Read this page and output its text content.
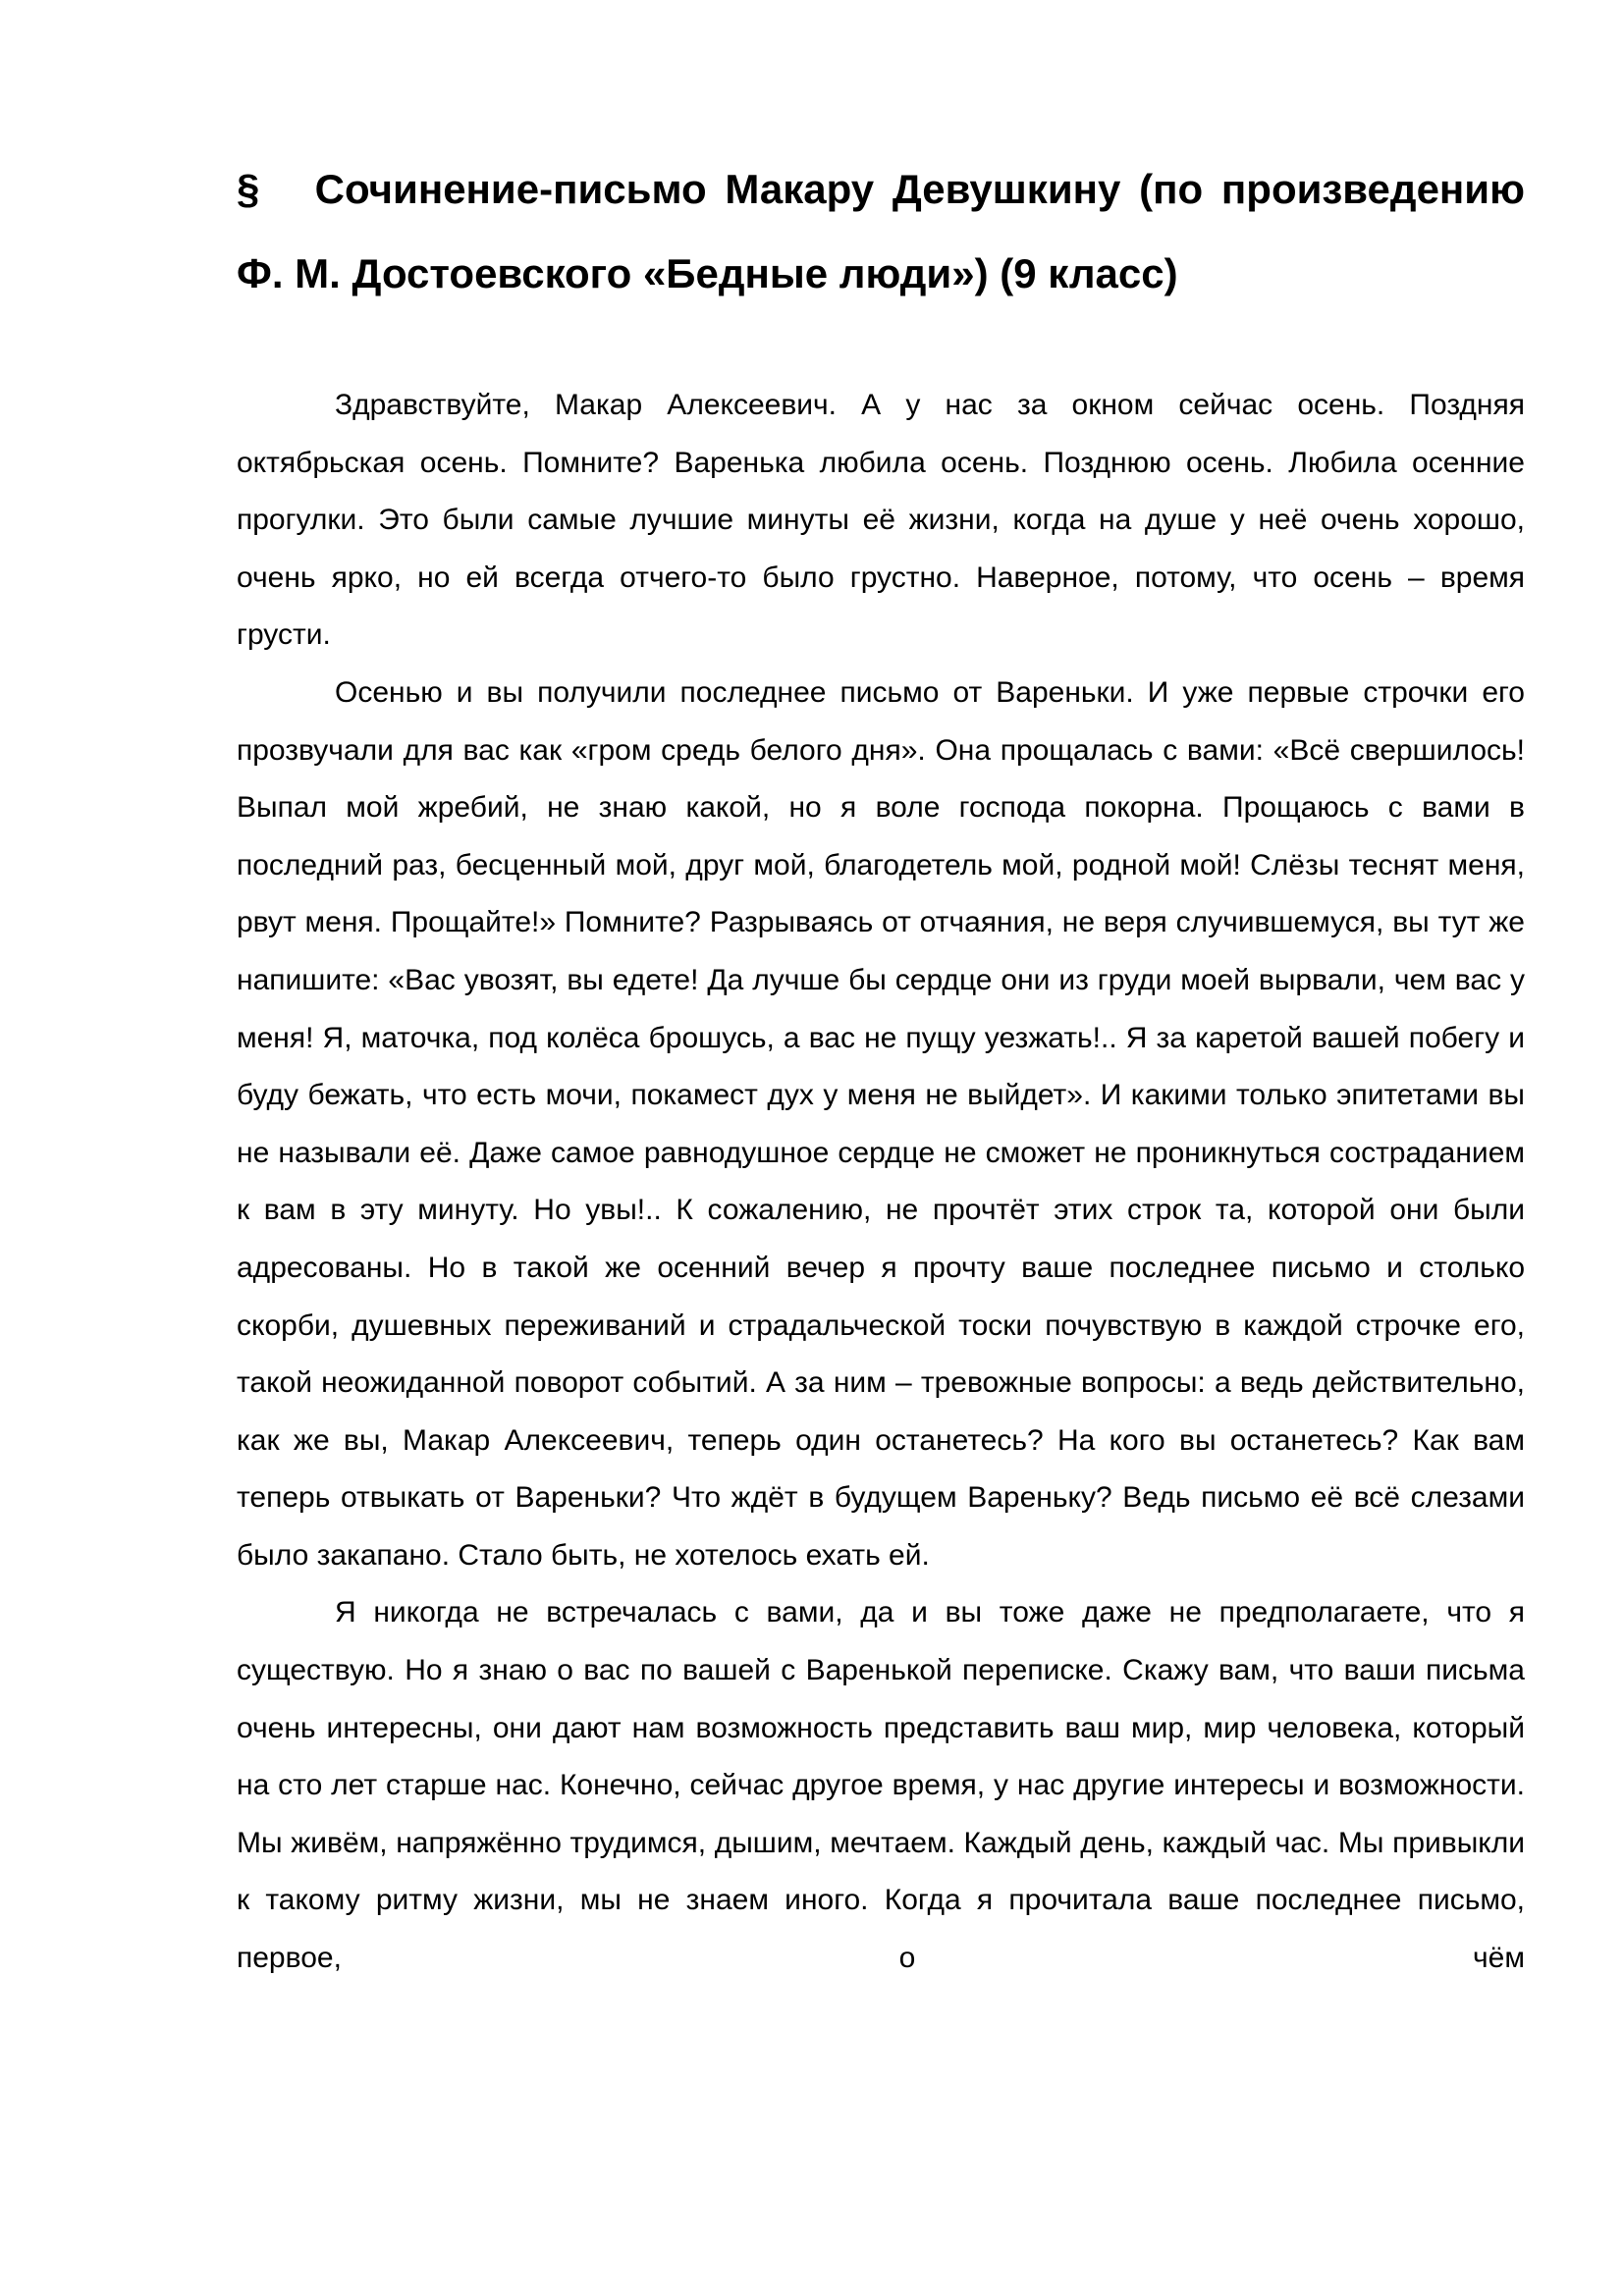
§   Сочинение-письмо Макару Девушкину (по произведению Ф. М. Достоевского «Бедные люди») (9 класс)

Здравствуйте, Макар Алексеевич. А у нас за окном сейчас осень. Поздняя октябрьская осень. Помните? Варенька любила осень. Позднюю осень. Любила осенние прогулки. Это были самые лучшие минуты её жизни, когда на душе у неё очень хорошо, очень ярко, но ей всегда отчего-то было грустно. Наверное, потому, что осень – время грусти.

Осенью и вы получили последнее письмо от Вареньки. И уже первые строчки его прозвучали для вас как «гром средь белого дня». Она прощалась с вами: «Всё свершилось! Выпал мой жребий, не знаю какой, но я воле господа покорна. Прощаюсь с вами в последний раз, бесценный мой, друг мой, благодетель мой, родной мой! Слёзы теснят меня, рвут меня. Прощайте!» Помните? Разрываясь от отчаяния, не веря случившемуся, вы тут же напишите: «Вас увозят, вы едете! Да лучше бы сердце они из груди моей вырвали, чем вас у меня! Я, маточка, под колёса брошусь, а вас не пущу уезжать!.. Я за каретой вашей побегу и буду бежать, что есть мочи, покамест дух у меня не выйдет». И какими только эпитетами вы не называли её. Даже самое равнодушное сердце не сможет не проникнуться состраданием к вам в эту минуту. Но увы!.. К сожалению, не прочтёт этих строк та, которой они были адресованы. Но в такой же осенний вечер я прочту ваше последнее письмо и столько скорби, душевных переживаний и страдальческой тоски почувствую в каждой строчке его, такой неожиданной поворот событий. А за ним – тревожные вопросы: а ведь действительно, как же вы, Макар Алексеевич, теперь один останетесь? На кого вы останетесь? Как вам теперь отвыкать от Вареньки? Что ждёт в будущем Вареньку? Ведь письмо её всё слезами было закапано. Стало быть, не хотелось ехать ей.

Я никогда не встречалась с вами, да и вы тоже даже не предполагаете, что я существую. Но я знаю о вас по вашей с Варенькой переписке. Скажу вам, что ваши письма очень интересны, они дают нам возможность представить ваш мир, мир человека, который на сто лет старше нас. Конечно, сейчас другое время, у нас другие интересы и возможности. Мы живём, напряжённо трудимся, дышим, мечтаем. Каждый день, каждый час. Мы привыкли к такому ритму жизни, мы не знаем иного. Когда я прочитала ваше последнее письмо, первое, о чём
